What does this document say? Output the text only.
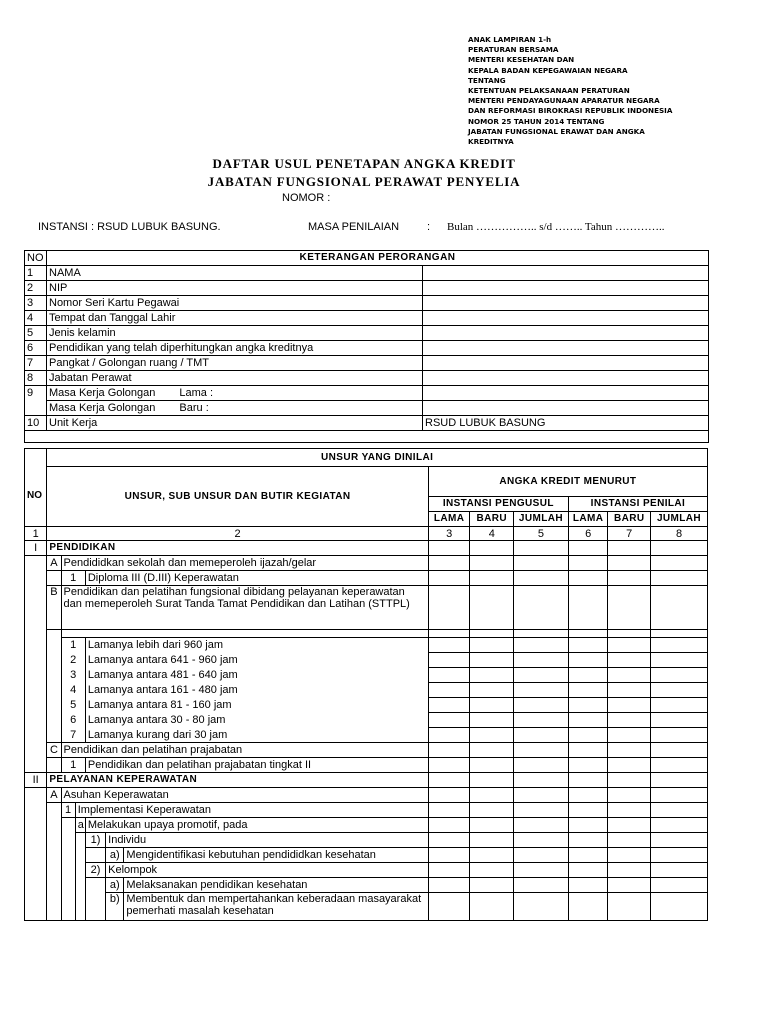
ANAK LAMPIRAN 1-h
PERATURAN BERSAMA
MENTERI KESEHATAN DAN
KEPALA BADAN KEPEGAWAIAN NEGARA
TENTANG
KETENTUAN PELAKSANAAN PERATURAN
MENTERI PENDAYAGUNAAN APARATUR NEGARA
DAN REFORMASI BIROKRASI REPUBLIK INDONESIA
NOMOR 25 TAHUN 2014 TENTANG
JABATAN FUNGSIONAL ERAWAT DAN ANGKA
KREDITNYA
DAFTAR USUL PENETAPAN ANGKA KREDIT
JABATAN FUNGSIONAL PERAWAT PENYELIA
NOMOR :
INSTANSI : RSUD LUBUK BASUNG.	MASA PENILAIAN	: Bulan …………….. s/d …….. Tahun …………..
NO	KETERANGAN PERORANGAN	
1	NAMA	
2	NIP	
3	Nomor Seri Kartu Pegawai	
4	Tempat dan Tanggal Lahir	
5	Jenis kelamin	
6	Pendidikan yang telah diperhitungkan angka kreditnya	
7	Pangkat / Golongan ruang / TMT	
8	Jabatan Perawat	
9	Masa Kerja Golongan Lama :	
	Masa Kerja Golongan Baru :	
10	Unit Kerja	RSUD LUBUK BASUNG

	UNSUR YANG DINILAI											
NO	UNSUR, SUB UNSUR DAN BUTIR KEGIATAN						ANGKA KREDIT MENURUT					
							INSTANSI PENGUSUL			INSTANSI PENILAI		
							LAMA	BARU	JUMLAH	LAMA	BARU	JUMLAH
1	2						3	4	5	6	7	8
I	PENDIDIKAN											
	A	Pendididkan sekolah dan memeperoleh ijazah/gelar										
		1		Diploma III (D.III) Keperawatan								
	B	Pendidikan dan pelatihan fungsional dibidang pelayanan keperawatan dan memeperoleh Surat Tanda Tamat Pendidikan dan Latihan (STTPL)										

		1		Lamanya lebih dari 960 jam								
		2		Lamanya antara 641 - 960 jam								
		3		Lamanya antara 481 - 640 jam								
		4		Lamanya antara 161 - 480 jam								
		5		Lamanya antara 81 - 160 jam								
		6		Lamanya antara 30 - 80 jam								
		7		Lamanya kurang dari 30 jam								
	C	Pendidikan dan pelatihan prajabatan										
		1		Pendidikan dan pelatihan prajabatan tingkat II								
II	PELAYANAN KEPERAWATAN											
	A	Asuhan Keperawatan										
		1	Implementasi Keperawatan									
			a	Melakukan upaya promotif, pada								
				1)	Individu							
					a)	Mengidentifikasi kebutuhan pendididkan kesehatan						
				2)	Kelompok							
					a)	Melaksanakan pendidikan kesehatan						
					b)	Membentuk dan mempertahankan keberadaan masayarakat pemerhati masalah kesehatan						
